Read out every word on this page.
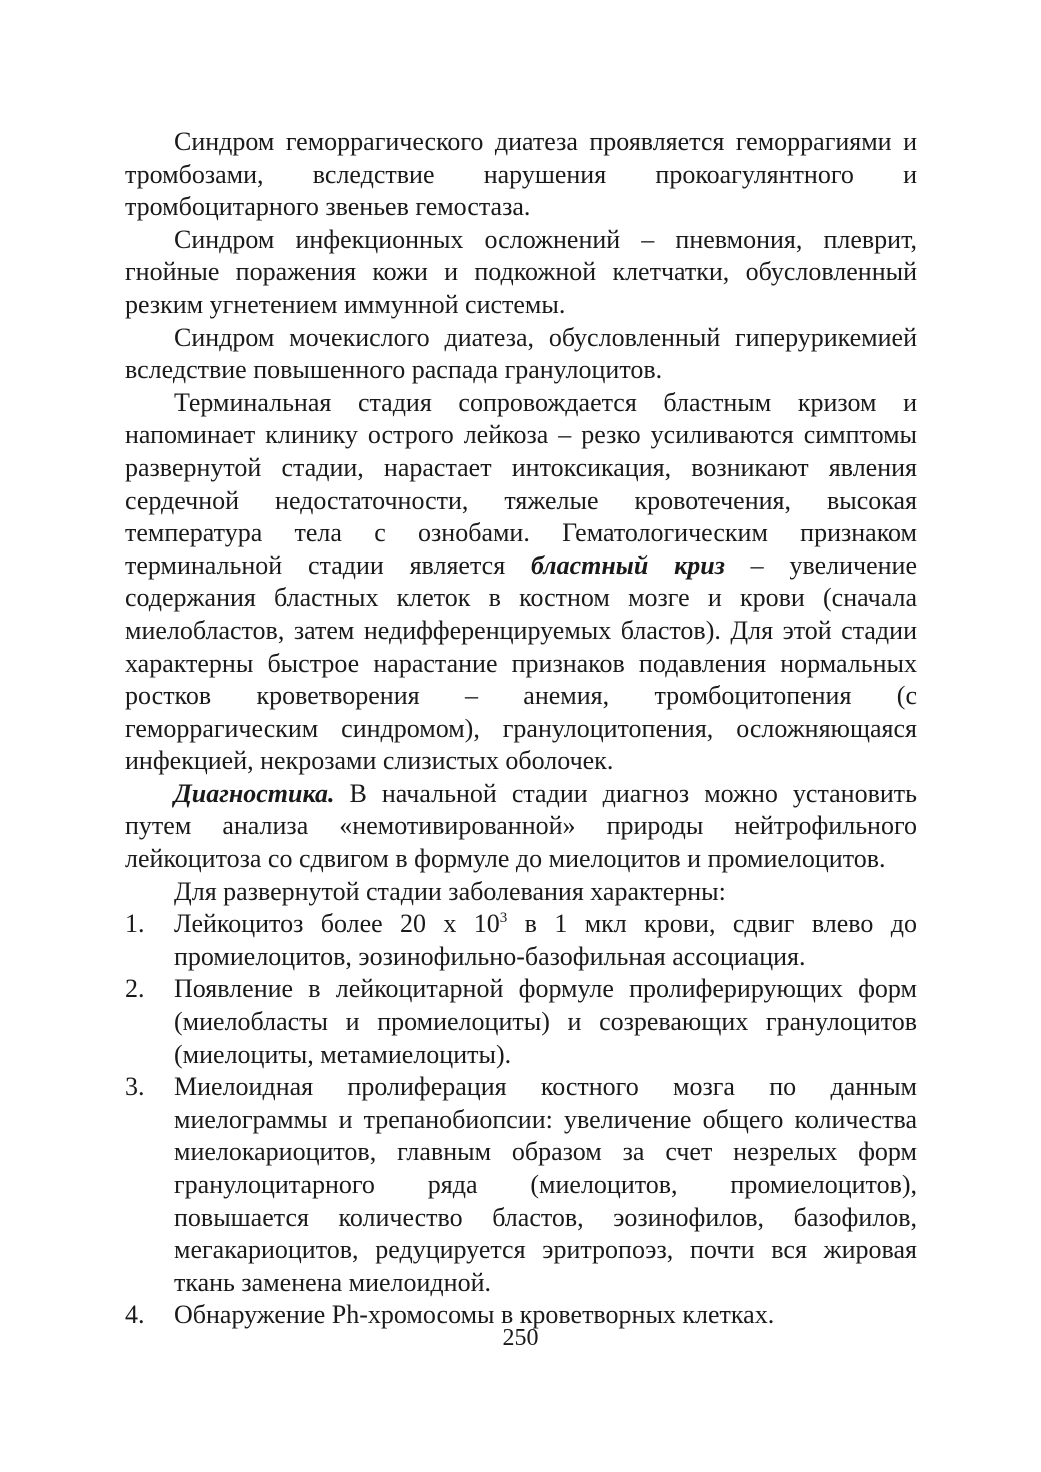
Синдром геморрагического диатеза проявляется геморрагиями и тромбозами, вследствие нарушения прокоагулянтного и тромбоцитарного звеньев гемостаза.

Синдром инфекционных осложнений – пневмония, плеврит, гнойные поражения кожи и подкожной клетчатки, обусловленный резким угнетением иммунной системы.

Синдром мочекислого диатеза, обусловленный гиперурикемией вследствие повышенного распада гранулоцитов.

Терминальная стадия сопровождается бластным кризом и напоминает клинику острого лейкоза – резко усиливаются симптомы развернутой стадии, нарастает интоксикация, возникают явления сердечной недостаточности, тяжелые кровотечения, высокая температура тела с ознобами. Гематологическим признаком терминальной стадии является бластный криз – увеличение содержания бластных клеток в костном мозге и крови (сначала миелобластов, затем недифференцируемых бластов). Для этой стадии характерны быстрое нарастание признаков подавления нормальных ростков кроветворения – анемия, тромбоцитопения (с геморрагическим синдромом), гранулоцитопения, осложняющаяся инфекцией, некрозами слизистых оболочек.

Диагностика. В начальной стадии диагноз можно установить путем анализа «немотивированной» природы нейтрофильного лейкоцитоза со сдвигом в формуле до миелоцитов и промиелоцитов.

Для развернутой стадии заболевания характерны:

1. Лейкоцитоз более 20 х $10^3$ в 1 мкл крови, сдвиг влево до промиелоцитов, эозинофильно-базофильная ассоциация.
2. Появление в лейкоцитарной формуле пролиферирующих форм (миелобласты и промиелоциты) и созревающих гранулоцитов (миелоциты, метамиелоциты).
3. Миелоидная пролиферация костного мозга по данным миелограммы и трепанобиопсии: увеличение общего количества миелокариоцитов, главным образом за счет незрелых форм гранулоцитарного ряда (миелоцитов, промиелоцитов), повышается количество бластов, эозинофилов, базофилов, мегакариоцитов, редуцируется эритропоэз, почти вся жировая ткань заменена миелоидной.
4. Обнаружение Ph-хромосомы в кроветворных клетках.
250
